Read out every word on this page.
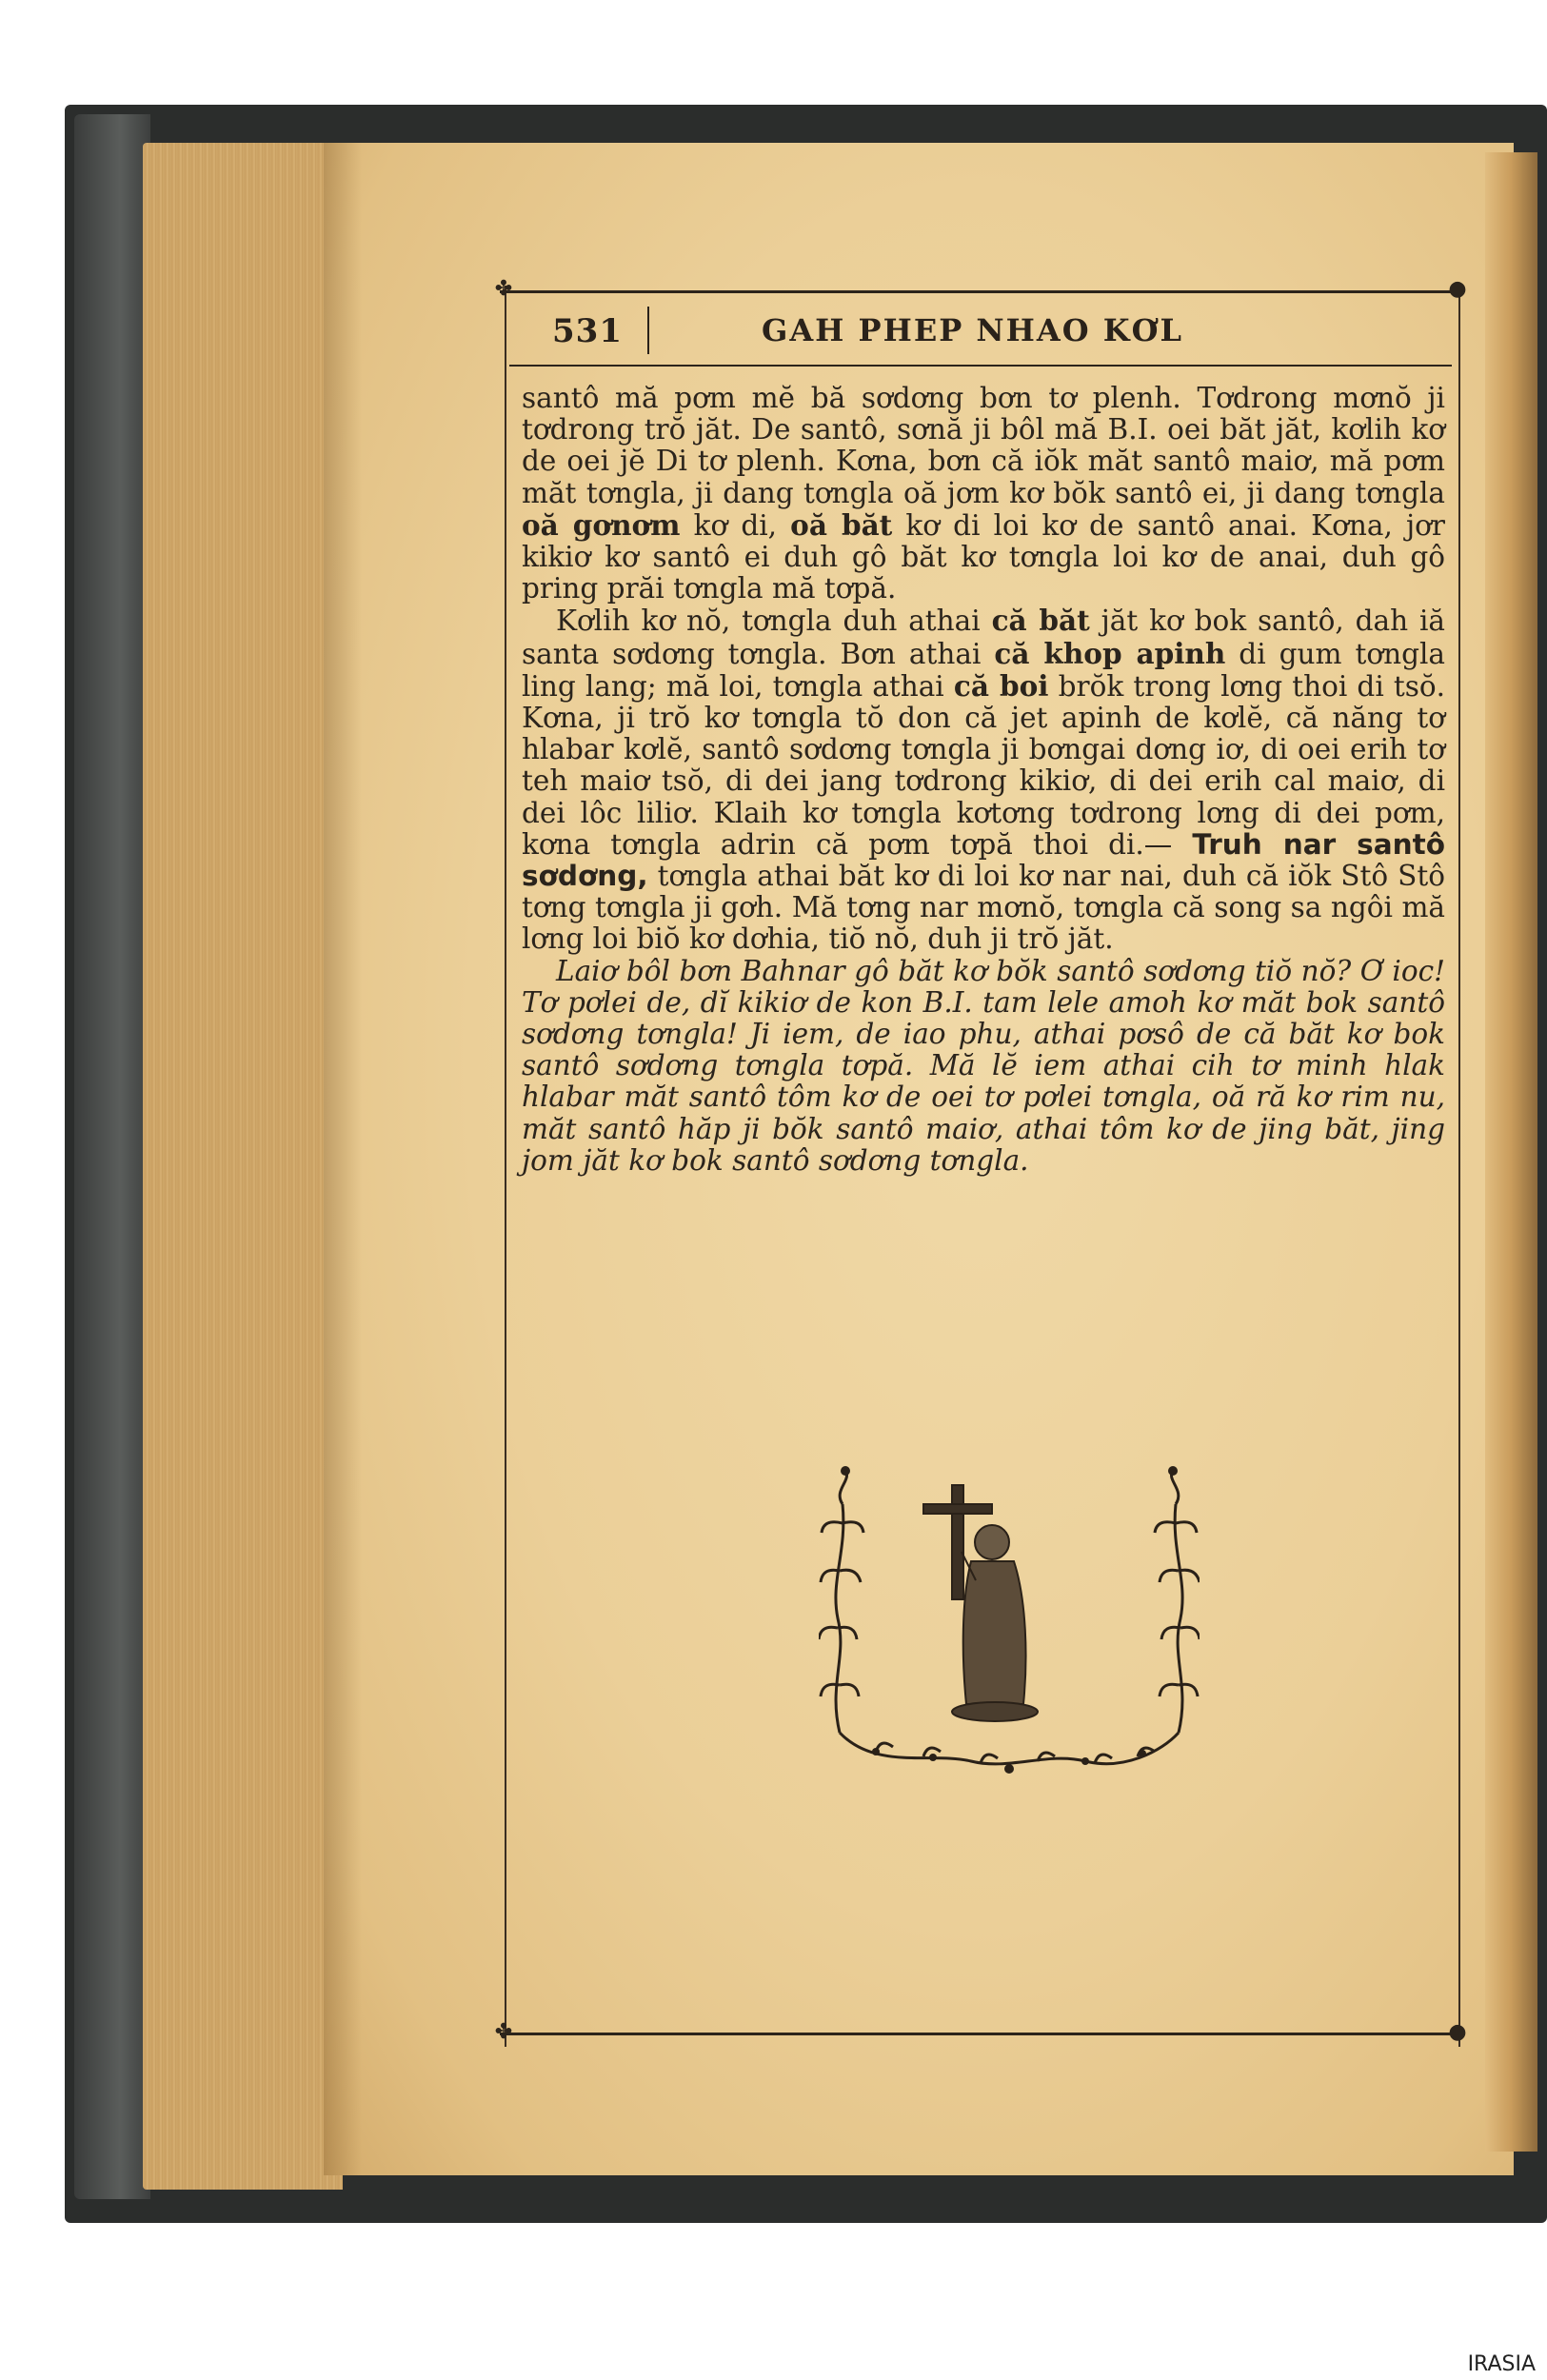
✤	●
✤	●
531	GAH PHEP NHAO KƠL

santô mă pơm mĕ bă sơdơng bơn tơ plenh. Tơdrong mơnŏ ji tơdrong trŏ jăt. De santô, sơnă ji bôl mă B.I. oei băt jăt, kơlih kơ de oei jĕ Di tơ plenh. Kơna, bơn că iŏk măt santô maiơ, mă pơm măt tơngla, ji dang tơngla oă jơm kơ bŏk santô ei, ji dang tơngla oă gơnơm kơ di, oă băt kơ di loi kơ de santô anai. Kơna, jơr kikiơ kơ santô ei duh gô băt kơ tơngla loi kơ de anai, duh gô pring prăi tơngla mă tơpă.

Kơlih kơ nŏ, tơngla duh athai că băt jăt kơ bok santô, dah iă santa sơdơng tơngla. Bơn athai că khop apinh di gum tơngla ling lang; mă loi, tơngla athai că boi brŏk trong lơng thoi di tsŏ. Kơna, ji trŏ kơ tơngla tŏ don că jet apinh de kơlĕ, că năng tơ hlabar kơlĕ, santô sơdơng tơngla ji bơngai dơng iơ, di oei erih tơ teh maiơ tsŏ, di dei jang tơdrong kikiơ, di dei erih cal maiơ, di dei lôc liliơ. Klaih kơ tơngla kơtơng tơdrong lơng di dei pơm, kơna tơngla adrin că pơm tơpă thoi di.— Truh nar santô sơdơng, tơngla athai băt kơ di loi kơ nar nai, duh că iŏk Stô Stô tơng tơngla ji gơh. Mă tơng nar mơnŏ, tơngla că song sa ngôi mă lơng loi biŏ kơ dơhia, tiŏ nŏ, duh ji trŏ jăt.

Laiơ bôl bơn Bahnar gô băt kơ bŏk santô sơdơng tiŏ nŏ? Ơ ioc! Tơ pơlei de, dĭ kikiơ de kon B.I. tam lele amoh kơ măt bok santô sơdơng tơngla! Ji iem, de iao phu, athai pơsô de că băt kơ bok santô sơdơng tơngla tơpă. Mă lĕ iem athai cih tơ minh hlak hlabar măt santô tôm kơ de oei tơ pơlei tơngla, oă ră kơ rim nu, măt santô hăp ji bŏk santô maiơ, athai tôm kơ de jing băt, jing jom jăt kơ bok santô sơdơng tơngla.

IRASIA
